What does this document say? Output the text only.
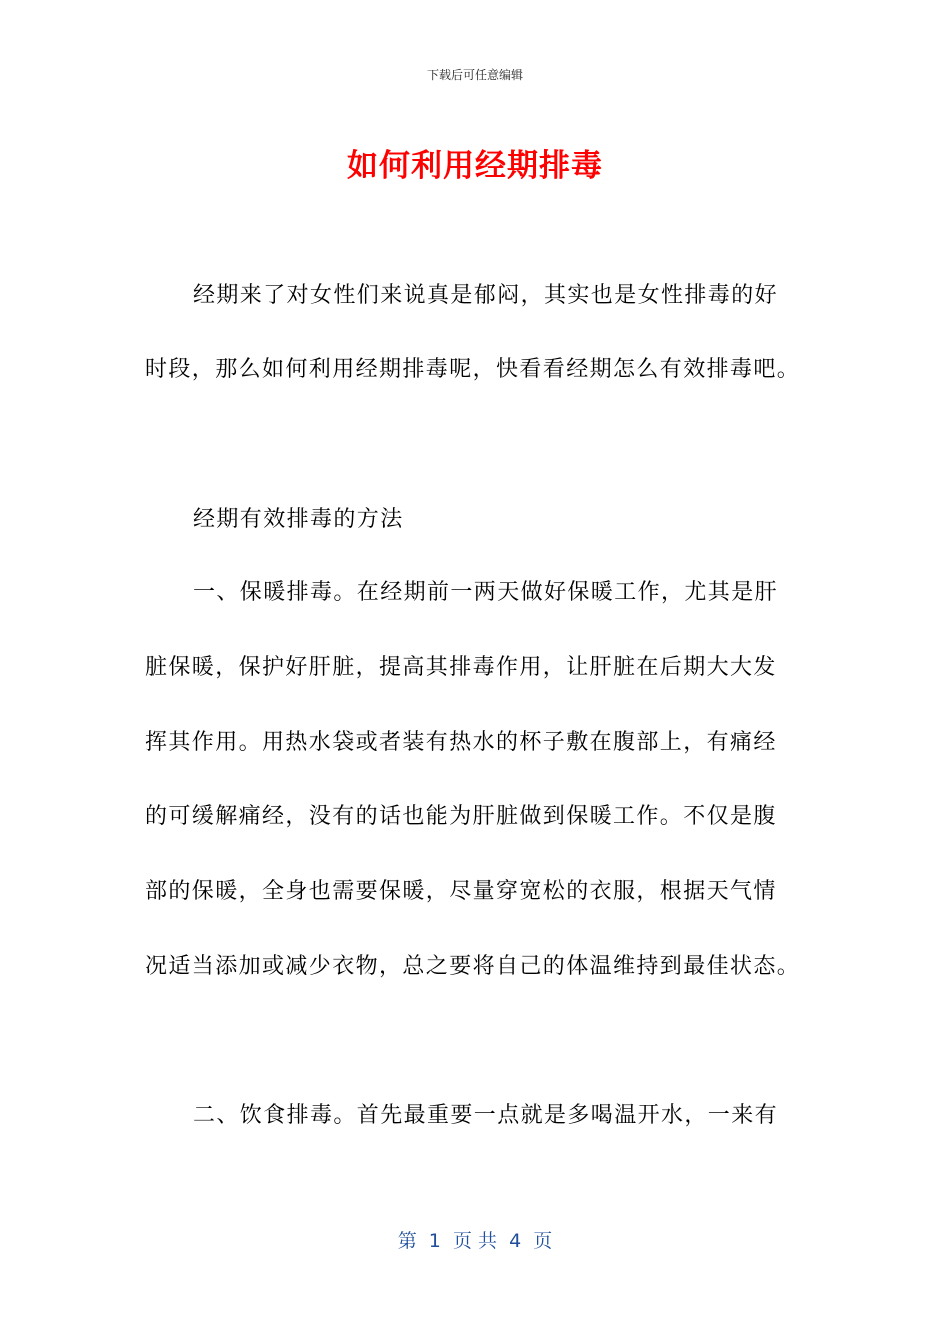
下载后可任意编辑
如何利用经期排毒
经期来了对女性们来说真是郁闷，其实也是女性排毒的好
时段，那么如何利用经期排毒呢，快看看经期怎么有效排毒吧。
经期有效排毒的方法
一、保暖排毒。在经期前一两天做好保暖工作，尤其是肝
脏保暖，保护好肝脏，提高其排毒作用，让肝脏在后期大大发
挥其作用。用热水袋或者装有热水的杯子敷在腹部上，有痛经
的可缓解痛经，没有的话也能为肝脏做到保暖工作。不仅是腹
部的保暖，全身也需要保暖，尽量穿宽松的衣服，根据天气情
况适当添加或减少衣物，总之要将自己的体温维持到最佳状态。
二、饮食排毒。首先最重要一点就是多喝温开水，一来有
第  1  页 共  4  页
